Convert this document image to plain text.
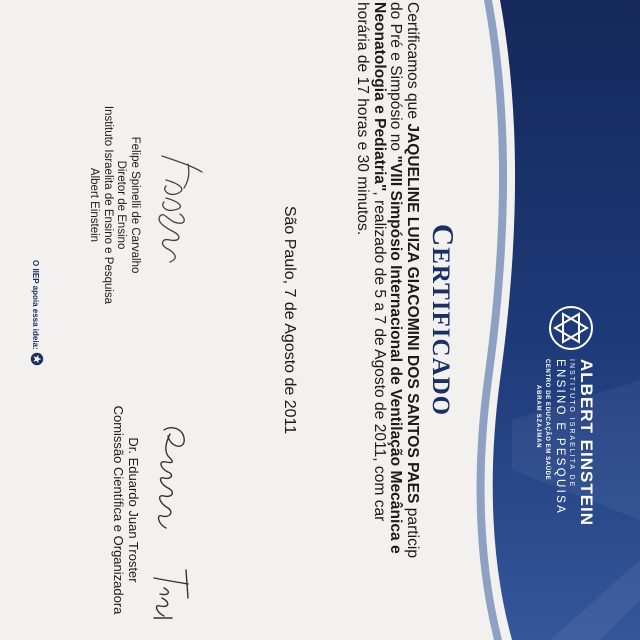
ALBERT EINSTEIN
INSTITUTO ISRAELITA DE
ENSINO E PESQUISA
CENTRO DE EDUCAÇÃO EM SAÚDE
ABRAM SZAJMAN
CERTIFICADO
Certificamos que JAQUELINE LUIZA GIACOMINI DOS SANTOS PAES particip
do Pré e Simpósio no "VIII Simpósio Internacional de Ventilação Mecânica e
Neonatologia e Pediatria", realizado de 5 a 7 de Agosto de 2011, com car
horária de 17 horas e 30 minutos.
São Paulo, 7 de Agosto de 2011
Felipe Spinelli de Carvalho
Diretor de Ensino
Instituto Israelita de Ensino e Pesquisa
Albert Einstein
Dr. Eduardo Juan Troster
Comissão Científica e Organizadora
O IIEP apoia essa ideia:
